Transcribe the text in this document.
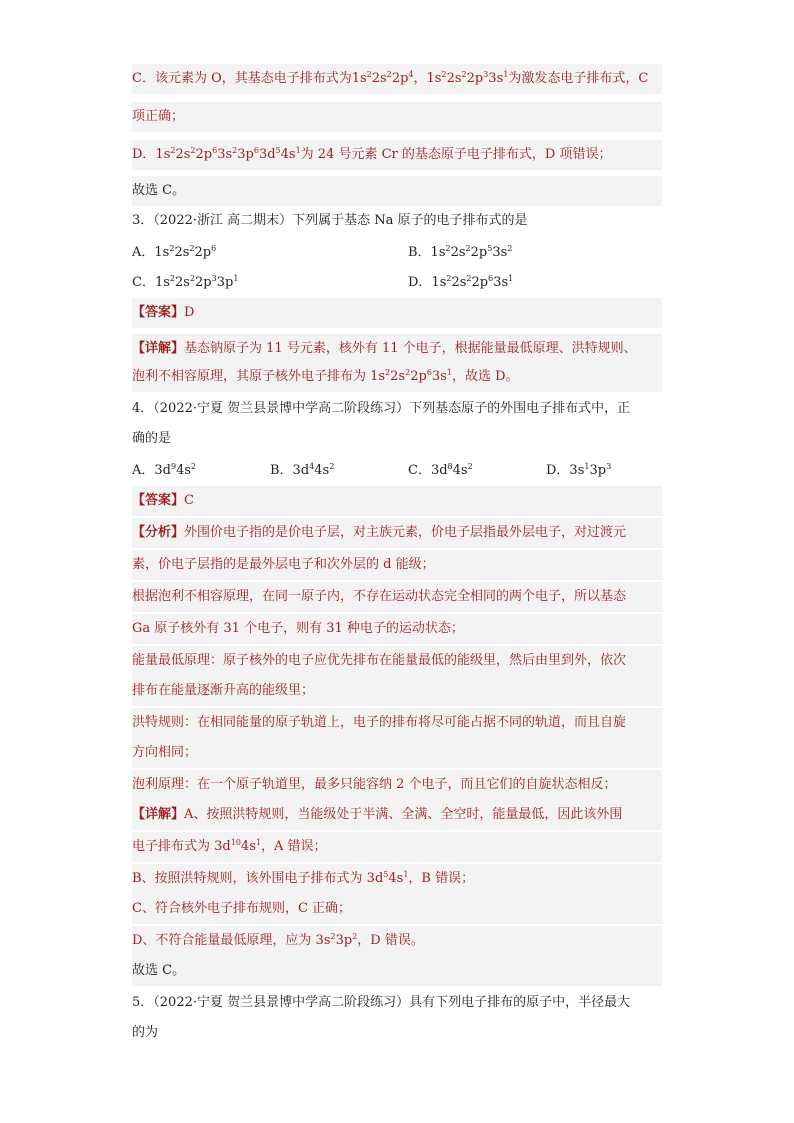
C．该元素为 O，其基态电子排布式为$1s^22s^22p^4$，$1s^22s^22p^33s^1$为激发态电子排布式，C
项正确；
D．$1s^22s^22p^63s^23p^63d^54s^1$为 24 号元素 Cr 的基态原子电子排布式，D 项错误；
故选 C。
3．（2022·浙江 高二期末）下列属于基态 Na 原子的电子排布式的是
A．$1s^22s^22p^6$	B．$1s^22s^22p^53s^2$
C．$1s^22s^22p^33p^1$	D．$1s^22s^22p^63s^1$
【答案】D
【详解】基态钠原子为 11 号元素，核外有 11 个电子，根据能量最低原理、洪特规则、
泡利不相容原理，其原子核外电子排布为 $1s^22s^22p^63s^1$，故选 D。
4．（2022·宁夏 贺兰县景博中学高二阶段练习）下列基态原子的外围电子排布式中，正
确的是
A．$3d^94s^2$	B．$3d^44s^2$	C．$3d^84s^2$	D．$3s^13p^3$
【答案】C
【分析】外围价电子指的是价电子层，对主族元素，价电子层指最外层电子，对过渡元
素，价电子层指的是最外层电子和次外层的 d 能级；
根据泡利不相容原理，在同一原子内，不存在运动状态完全相同的两个电子，所以基态
Ga 原子核外有 31 个电子，则有 31 种电子的运动状态；
能量最低原理：原子核外的电子应优先排布在能量最低的能级里，然后由里到外，依次
排布在能量逐渐升高的能级里；
洪特规则：在相同能量的原子轨道上，电子的排布将尽可能占据不同的轨道，而且自旋
方向相同；
泡利原理：在一个原子轨道里，最多只能容纳 2 个电子，而且它们的自旋状态相反；
【详解】A、按照洪特规则，当能级处于半满、全满、全空时，能量最低，因此该外围
电子排布式为 $3d^{10}4s^1$，A 错误；
B、按照洪特规则，该外围电子排布式为 $3d^54s^1$，B 错误；
C、符合核外电子排布规则，C 正确；
D、不符合能量最低原理，应为 $3s^23p^2$，D 错误。
故选 C。
5．（2022·宁夏 贺兰县景博中学高二阶段练习）具有下列电子排布的原子中，半径最大
的为
